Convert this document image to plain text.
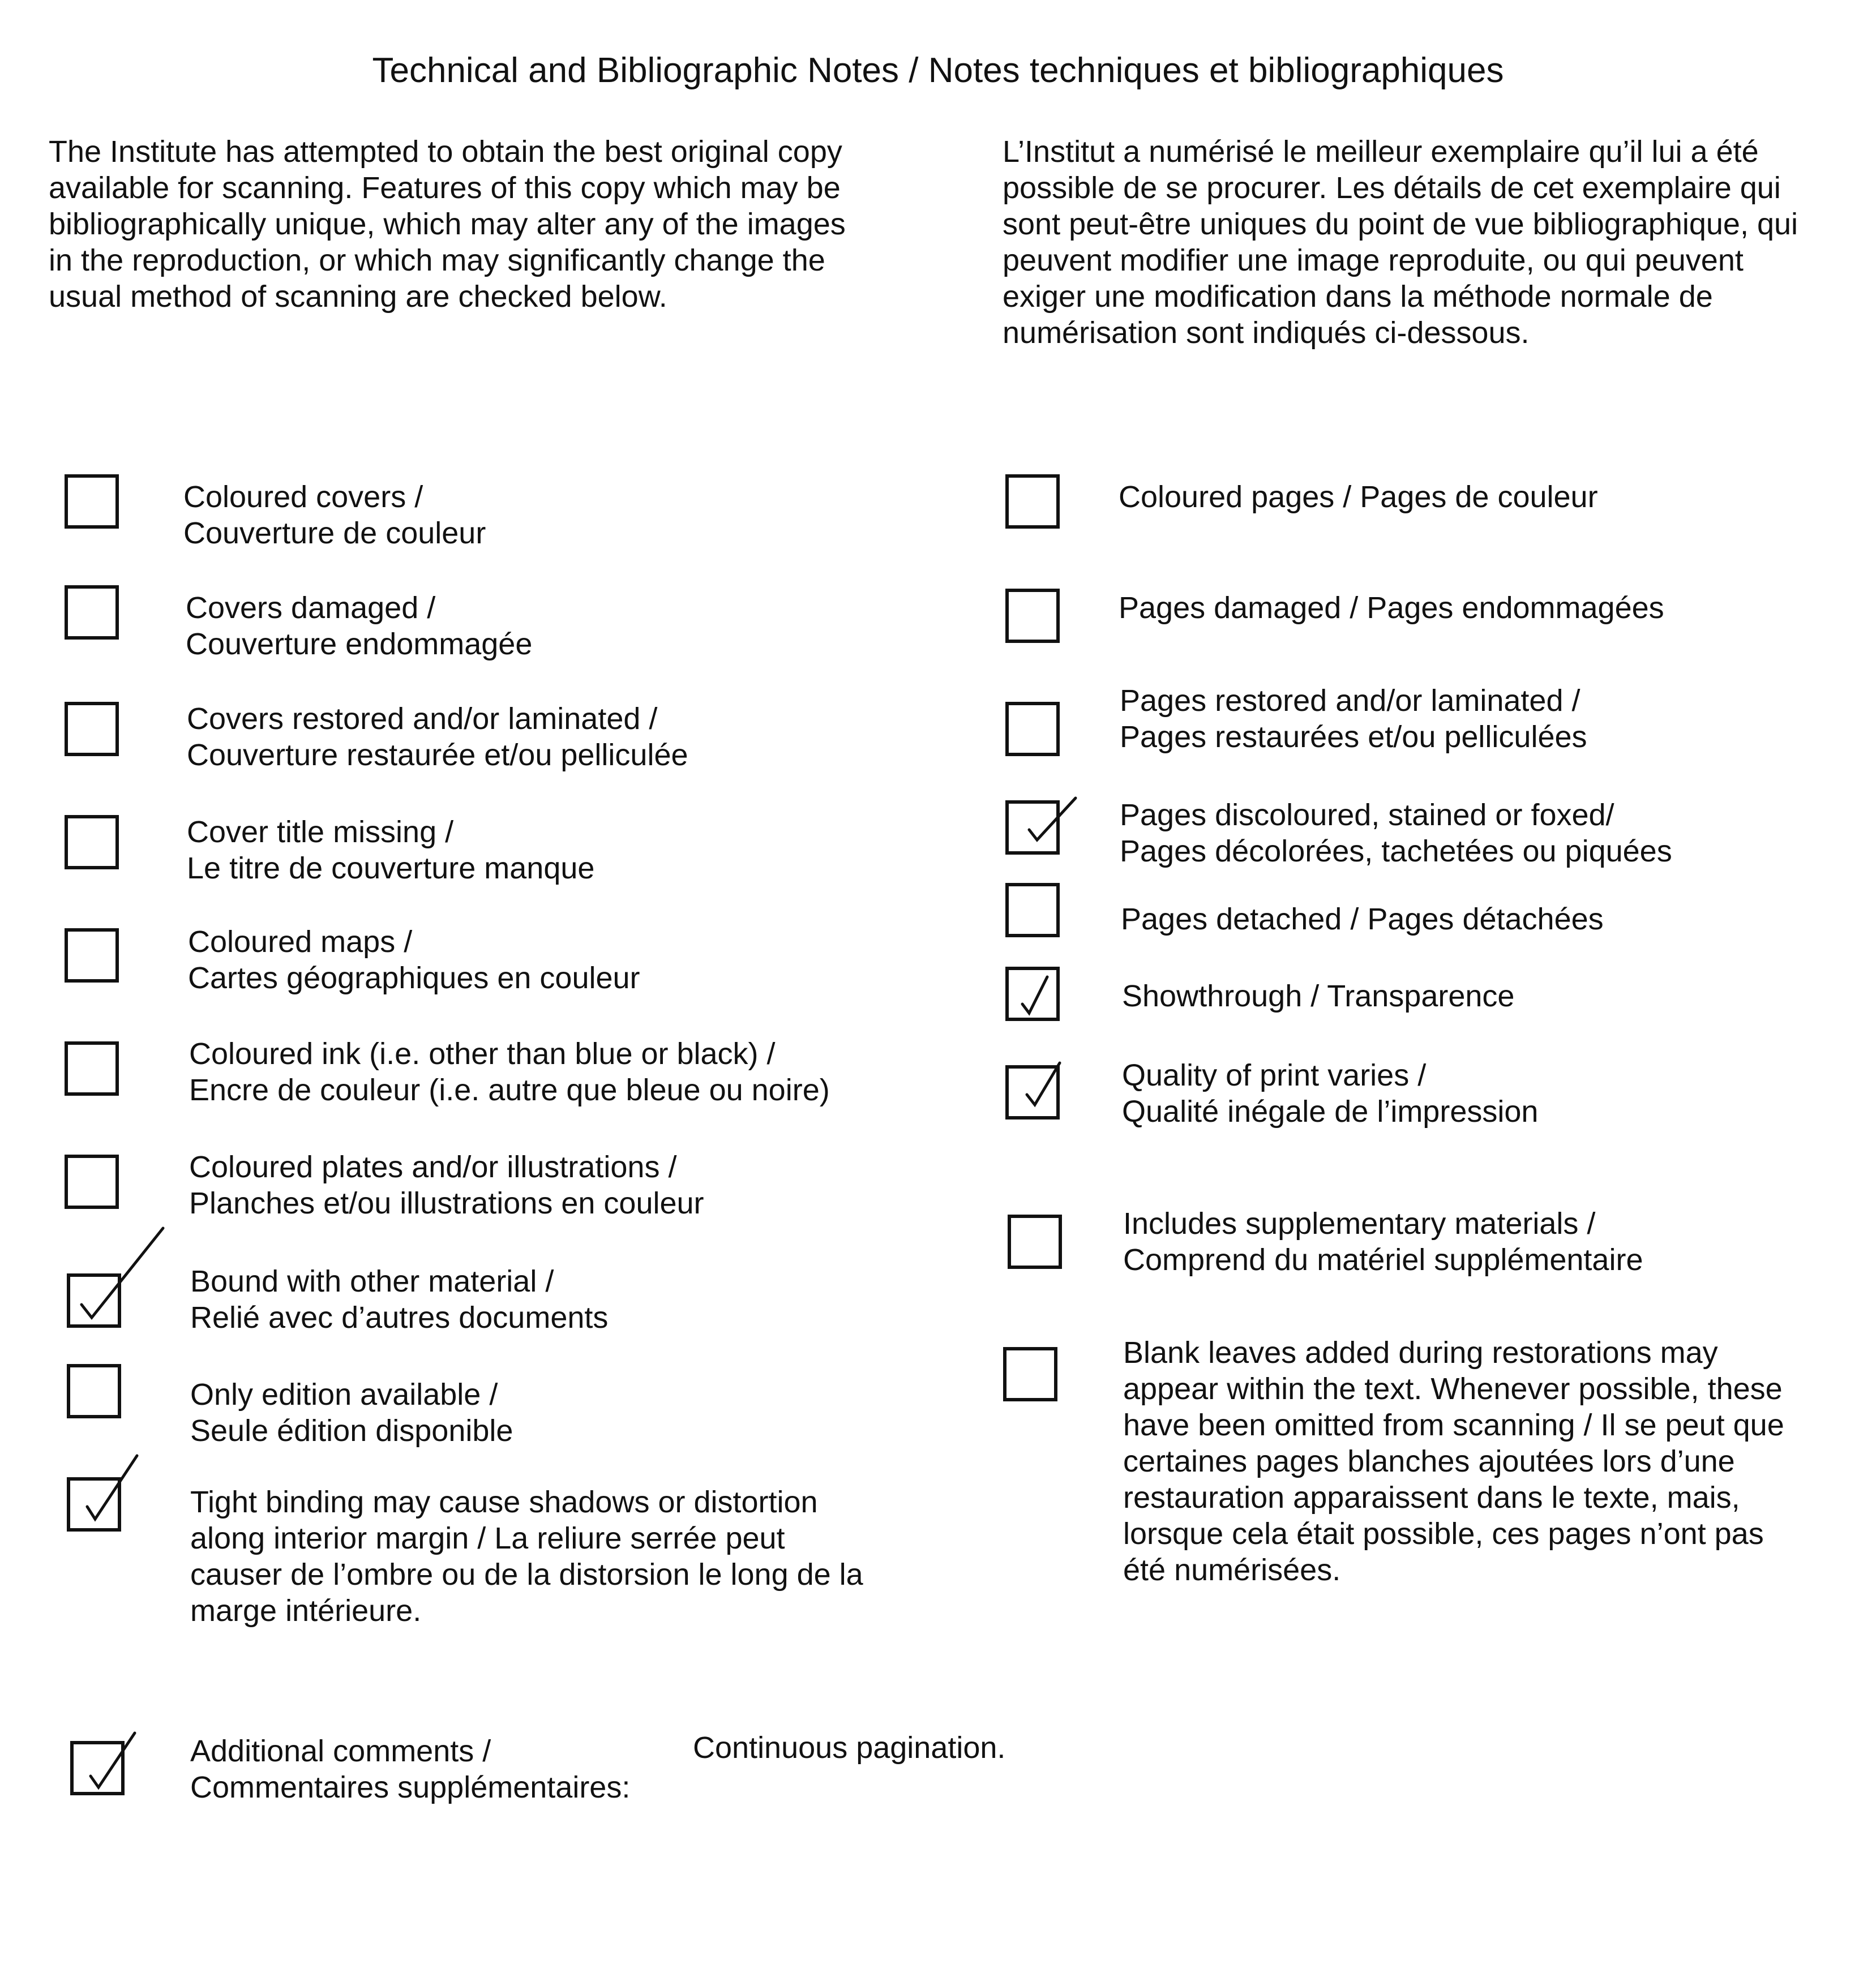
Technical and Bibliographic Notes / Notes techniques et bibliographiques
The Institute has attempted to obtain the best original copy
available for scanning. Features of this copy which may be
bibliographically unique, which may alter any of the images
in the reproduction, or which may significantly change the
usual method of scanning are checked below.
L’Institut a numérisé le meilleur exemplaire qu’il lui a été
possible de se procurer. Les détails de cet exemplaire qui
sont peut-être uniques du point de vue bibliographique, qui
peuvent modifier une image reproduite, ou qui peuvent
exiger une modification dans la méthode normale de
numérisation sont indiqués ci-dessous.
Coloured covers /
Couverture de couleur
Covers damaged /
Couverture endommagée
Covers restored and/or laminated /
Couverture restaurée et/ou pelliculée
Cover title missing /
Le titre de couverture manque
Coloured maps /
Cartes géographiques en couleur
Coloured ink (i.e. other than blue or black) /
Encre de couleur (i.e. autre que bleue ou noire)
Coloured plates and/or illustrations /
Planches et/ou illustrations en couleur
Bound with other material /
Relié avec d’autres documents
Only edition available /
Seule édition disponible
Tight binding may cause shadows or distortion
along interior margin / La reliure serrée peut
causer de l’ombre ou de la distorsion le long de la
marge intérieure.
Coloured pages / Pages de couleur
Pages damaged / Pages endommagées
Pages restored and/or laminated /
Pages restaurées et/ou pelliculées
Pages discoloured, stained or foxed/
Pages décolorées, tachetées ou piquées
Pages detached / Pages détachées
Showthrough / Transparence
Quality of print varies /
Qualité inégale de l’impression
Includes supplementary materials /
Comprend du matériel supplémentaire
Blank leaves added during restorations may
appear within the text. Whenever possible, these
have been omitted from scanning / Il se peut que
certaines pages blanches ajoutées lors d’une
restauration apparaissent dans le texte, mais,
lorsque cela était possible, ces pages n’ont pas
été numérisées.
Additional comments /
Commentaires supplémentaires:
Continuous pagination.
